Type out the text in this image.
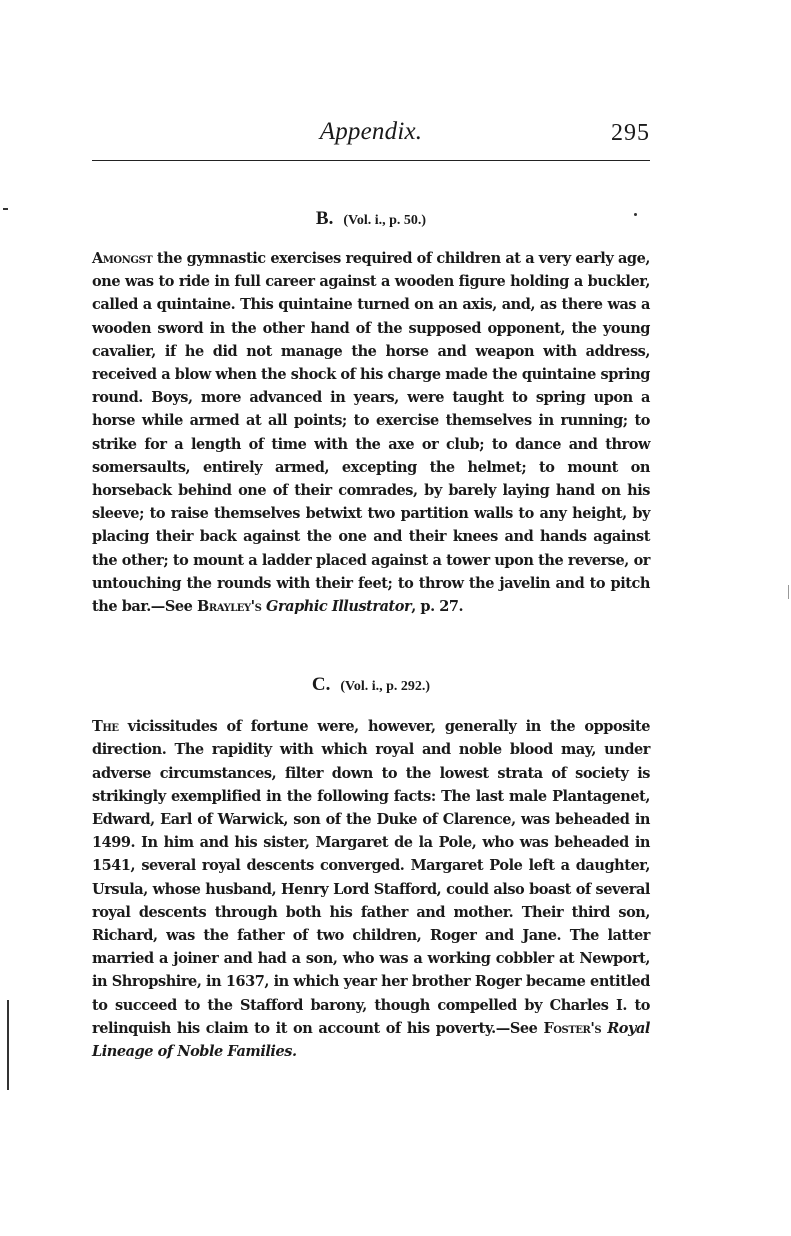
Appendix.	295
B. (Vol. i., p. 50.)

Amongst the gymnastic exercises required of children at a very early age, one was to ride in full career against a wooden figure holding a buckler, called a quintaine. This quintaine turned on an axis, and, as there was a wooden sword in the other hand of the supposed opponent, the young cavalier, if he did not manage the horse and weapon with address, received a blow when the shock of his charge made the quintaine spring round. Boys, more advanced in years, were taught to spring upon a horse while armed at all points; to exercise themselves in running; to strike for a length of time with the axe or club; to dance and throw somersaults, entirely armed, excepting the helmet; to mount on horseback behind one of their comrades, by barely laying hand on his sleeve; to raise themselves betwixt two partition walls to any height, by placing their back against the one and their knees and hands against the other; to mount a ladder placed against a tower upon the reverse, or untouching the rounds with their feet; to throw the javelin and to pitch the bar.—See Brayley's Graphic Illustrator, p. 27.

C. (Vol. i., p. 292.)

The vicissitudes of fortune were, however, generally in the opposite direction. The rapidity with which royal and noble blood may, under adverse circumstances, filter down to the lowest strata of society is strikingly exemplified in the following facts: The last male Plantagenet, Edward, Earl of Warwick, son of the Duke of Clarence, was beheaded in 1499. In him and his sister, Margaret de la Pole, who was beheaded in 1541, several royal descents converged. Margaret Pole left a daughter, Ursula, whose husband, Henry Lord Stafford, could also boast of several royal descents through both his father and mother. Their third son, Richard, was the father of two children, Roger and Jane. The latter married a joiner and had a son, who was a working cobbler at Newport, in Shropshire, in 1637, in which year her brother Roger became entitled to succeed to the Stafford barony, though compelled by Charles I. to relinquish his claim to it on account of his poverty.—See Foster's Royal Lineage of Noble Families.
